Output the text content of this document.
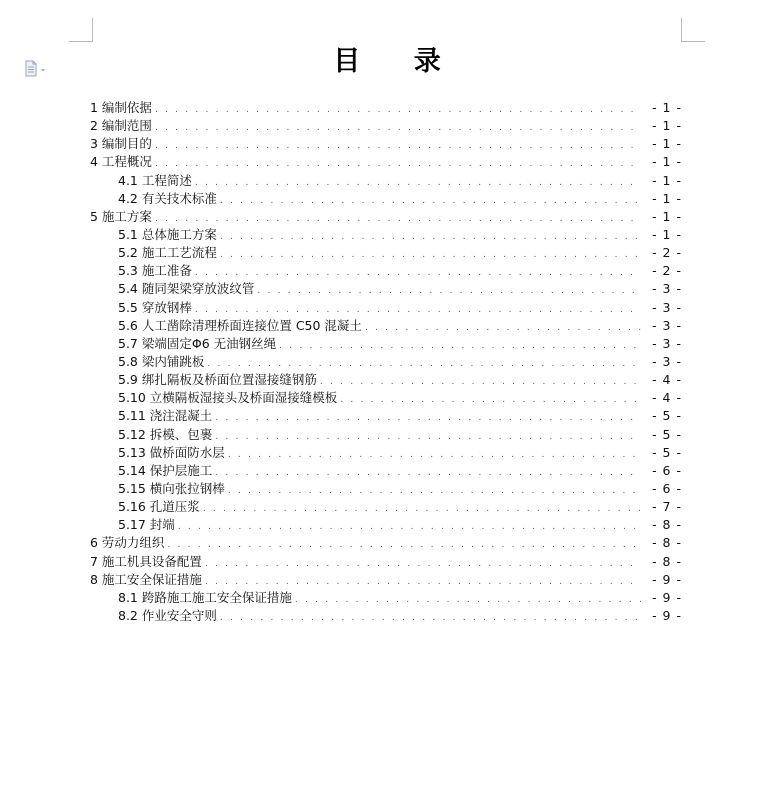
目 录
1 编制依据 . . .	- 1 -
2 编制范围 . . .	- 1 -
3 编制目的 . . .	- 1 -
4 工程概况 . . .	- 1 -
4.1 工程简述 . . .	- 1 -
4.2 有关技术标准 . . .	- 1 -
5 施工方案 . . .	- 1 -
5.1 总体施工方案 . . .	- 1 -
5.2 施工工艺流程 . . .	- 2 -
5.3 施工准备 . . .	- 2 -
5.4 随同架梁穿放波纹管 . . .	- 3 -
5.5 穿放钢棒 . . .	- 3 -
5.6 人工凿除清理桥面连接位置 C50 混凝土 . . .	- 3 -
5.7 梁端固定Φ6 无油钢丝绳 . . .	- 3 -
5.8 梁内铺跳板 . . .	- 3 -
5.9 绑扎隔板及桥面位置湿接缝钢筋 . . .	- 4 -
5.10 立横隔板湿接头及桥面湿接缝模板 . . .	- 4 -
5.11 浇注混凝土 . . .	- 5 -
5.12 拆模、包裹 . . .	- 5 -
5.13 做桥面防水层 . . .	- 5 -
5.14 保护层施工 . . .	- 6 -
5.15 横向张拉钢棒 . . .	- 6 -
5.16 孔道压浆 . . .	- 7 -
5.17 封端 . . .	- 8 -
6 劳动力组织 . . .	- 8 -
7 施工机具设备配置 . . .	- 8 -
8 施工安全保证措施 . . .	- 9 -
8.1 跨路施工施工安全保证措施 . . .	- 9 -
8.2 作业安全守则 . . .	- 9 -
